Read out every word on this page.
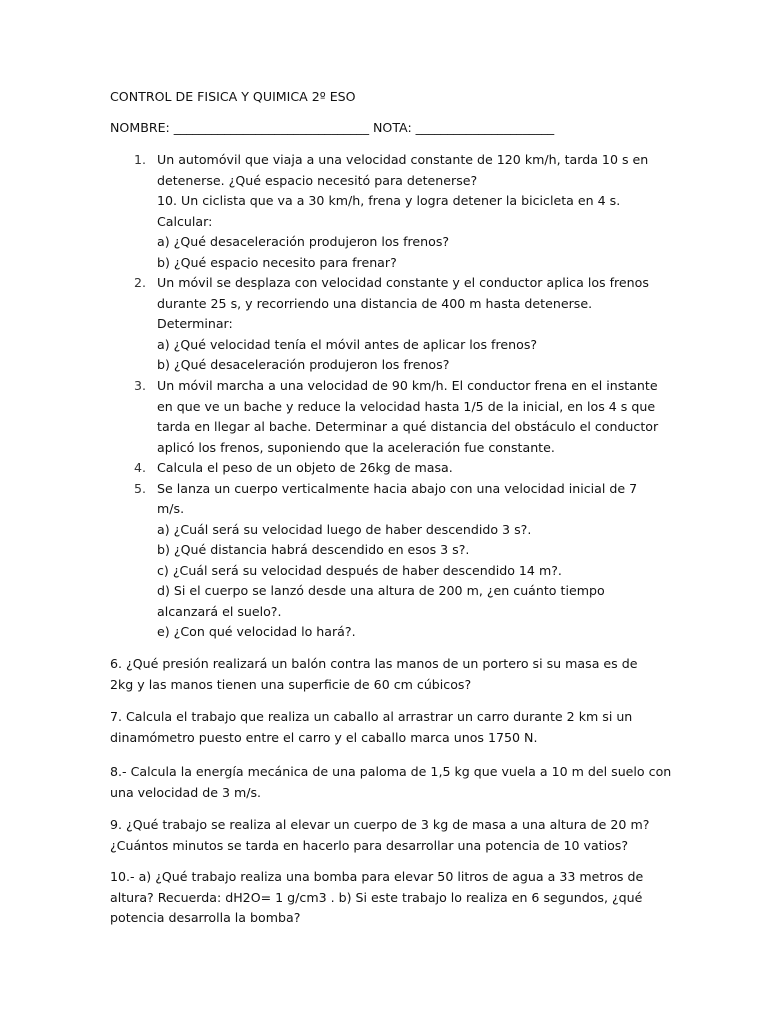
CONTROL DE FISICA Y QUIMICA 2º ESO
NOMBRE: _______________________________ NOTA: ______________________
1. Un automóvil que viaja a una velocidad constante de 120 km/h, tarda 10 s en
detenerse. ¿Qué espacio necesitó para detenerse?
10. Un ciclista que va a 30 km/h, frena y logra detener la bicicleta en 4 s.
Calcular:
a) ¿Qué desaceleración produjeron los frenos?
b) ¿Qué espacio necesito para frenar?
2. Un móvil se desplaza con velocidad constante y el conductor aplica los frenos
durante 25 s, y recorriendo una distancia de 400 m hasta detenerse.
Determinar:
a) ¿Qué velocidad tenía el móvil antes de aplicar los frenos?
b) ¿Qué desaceleración produjeron los frenos?
3. Un móvil marcha a una velocidad de 90 km/h. El conductor frena en el instante
en que ve un bache y reduce la velocidad hasta 1/5 de la inicial, en los 4 s que
tarda en llegar al bache. Determinar a qué distancia del obstáculo el conductor
aplicó los frenos, suponiendo que la aceleración fue constante.
4. Calcula el peso de un objeto de 26kg de masa.
5. Se lanza un cuerpo verticalmente hacia abajo con una velocidad inicial de 7
m/s.
a) ¿Cuál será su velocidad luego de haber descendido 3 s?.
b) ¿Qué distancia habrá descendido en esos 3 s?.
c) ¿Cuál será su velocidad después de haber descendido 14 m?.
d) Si el cuerpo se lanzó desde una altura de 200 m, ¿en cuánto tiempo
alcanzará el suelo?.
e) ¿Con qué velocidad lo hará?.
6. ¿Qué presión realizará un balón contra las manos de un portero si su masa es de
2kg y las manos tienen una superficie de 60 cm cúbicos?
7. Calcula el trabajo que realiza un caballo al arrastrar un carro durante 2 km si un
dinamómetro puesto entre el carro y el caballo marca unos 1750 N.
8.- Calcula la energía mecánica de una paloma de 1,5 kg que vuela a 10 m del suelo con
una velocidad de 3 m/s.
9. ¿Qué trabajo se realiza al elevar un cuerpo de 3 kg de masa a una altura de 20 m?
¿Cuántos minutos se tarda en hacerlo para desarrollar una potencia de 10 vatios?
10.- a) ¿Qué trabajo realiza una bomba para elevar 50 litros de agua a 33 metros de
altura? Recuerda: dH2O= 1 g/cm3 . b) Si este trabajo lo realiza en 6 segundos, ¿qué
potencia desarrolla la bomba?
